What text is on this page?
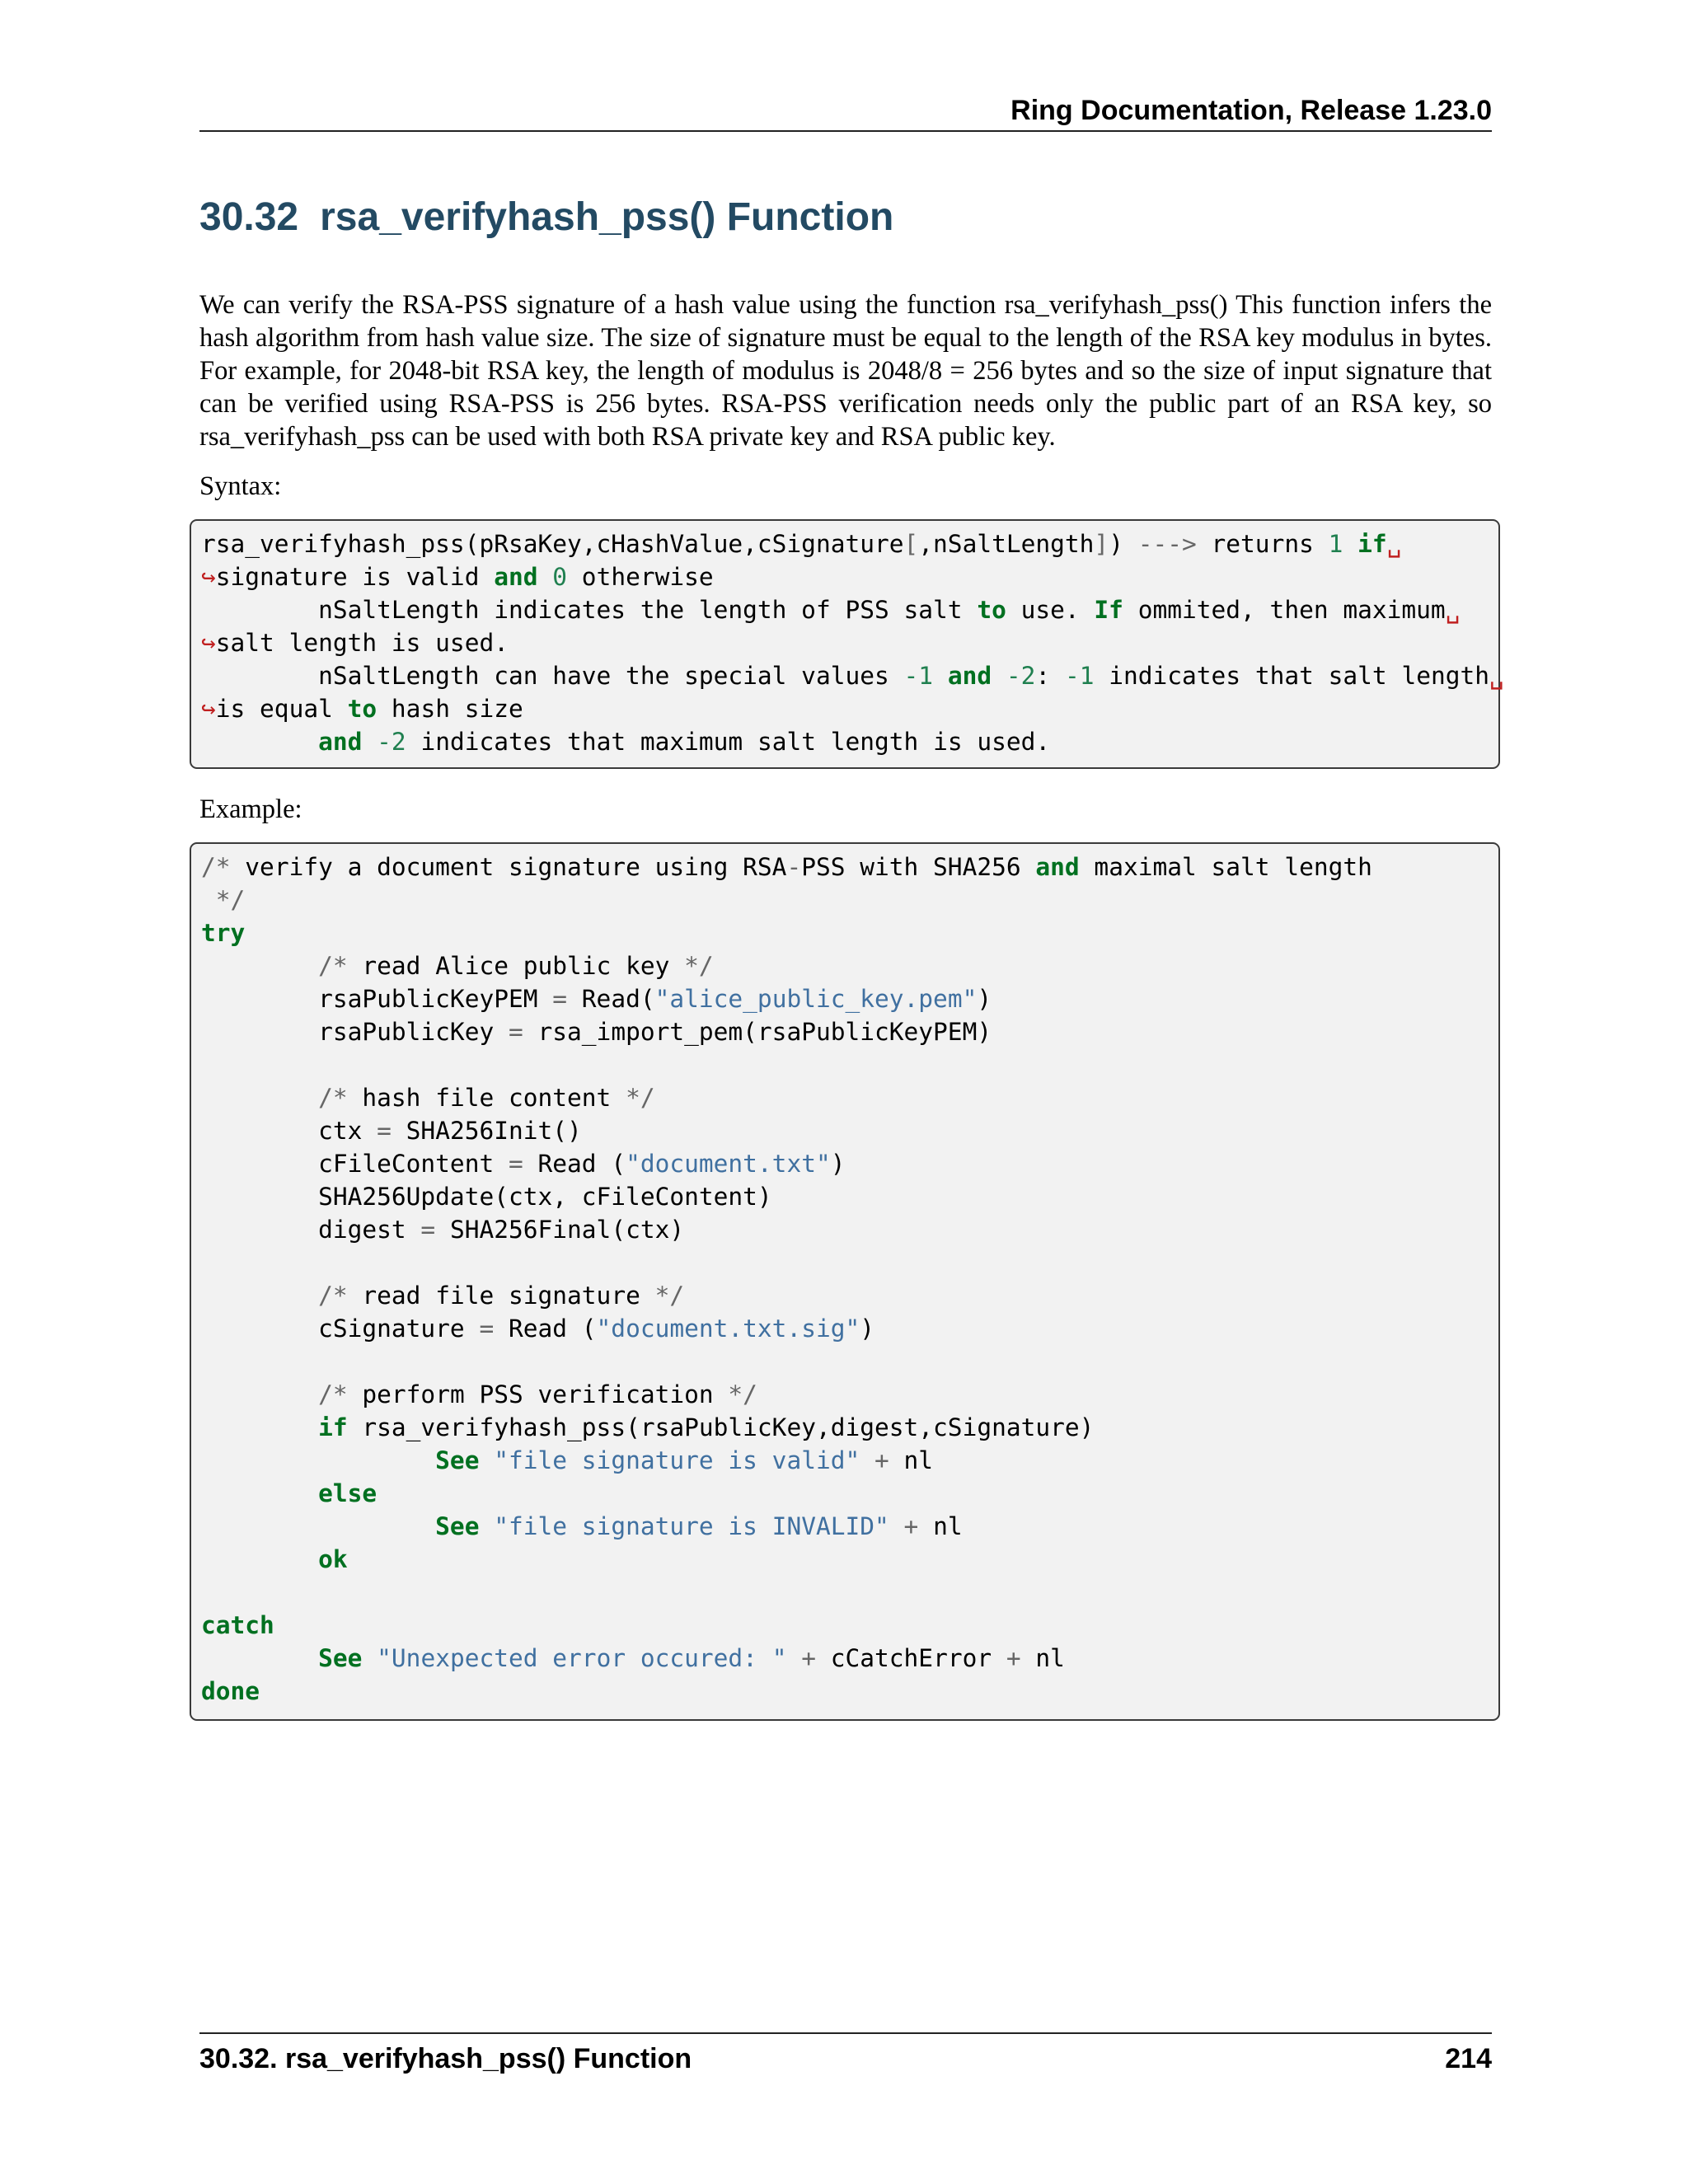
Ring Documentation, Release 1.23.0
30.32 rsa_verifyhash_pss() Function

We can verify the RSA-PSS signature of a hash value using the function rsa_verifyhash_pss() This function infers the hash algorithm from hash value size. The size of signature must be equal to the length of the RSA key modulus in bytes. For example, for 2048-bit RSA key, the length of modulus is 2048/8 = 256 bytes and so the size of input signature that can be verified using RSA-PSS is 256 bytes. RSA-PSS verification needs only the public part of an RSA key, so rsa_verifyhash_pss can be used with both RSA private key and RSA public key.

Syntax:

rsa_verifyhash_pss(pRsaKey,cHashValue,cSignature[,nSaltLength]) ---> returns 1 if␣
↪signature is valid and 0 otherwise
nSaltLength indicates the length of PSS salt to use. If ommited, then maximum␣
↪salt length is used.
nSaltLength can have the special values -1 and -2: -1 indicates that salt length␣
↪is equal to hash size
and -2 indicates that maximum salt length is used.

Example:

/* verify a document signature using RSA-PSS with SHA256 and maximal salt length
*/
try
/* read Alice public key */
rsaPublicKeyPEM = Read("alice_public_key.pem")
rsaPublicKey = rsa_import_pem(rsaPublicKeyPEM)
/* hash file content */
ctx = SHA256Init()
cFileContent = Read ("document.txt")
SHA256Update(ctx, cFileContent)
digest = SHA256Final(ctx)
/* read file signature */
cSignature = Read ("document.txt.sig")
/* perform PSS verification */
if rsa_verifyhash_pss(rsaPublicKey,digest,cSignature)
See "file signature is valid" + nl
else
See "file signature is INVALID" + nl
ok
catch
See "Unexpected error occured: " + cCatchError + nl
done
30.32. rsa_verifyhash_pss() Function	214
